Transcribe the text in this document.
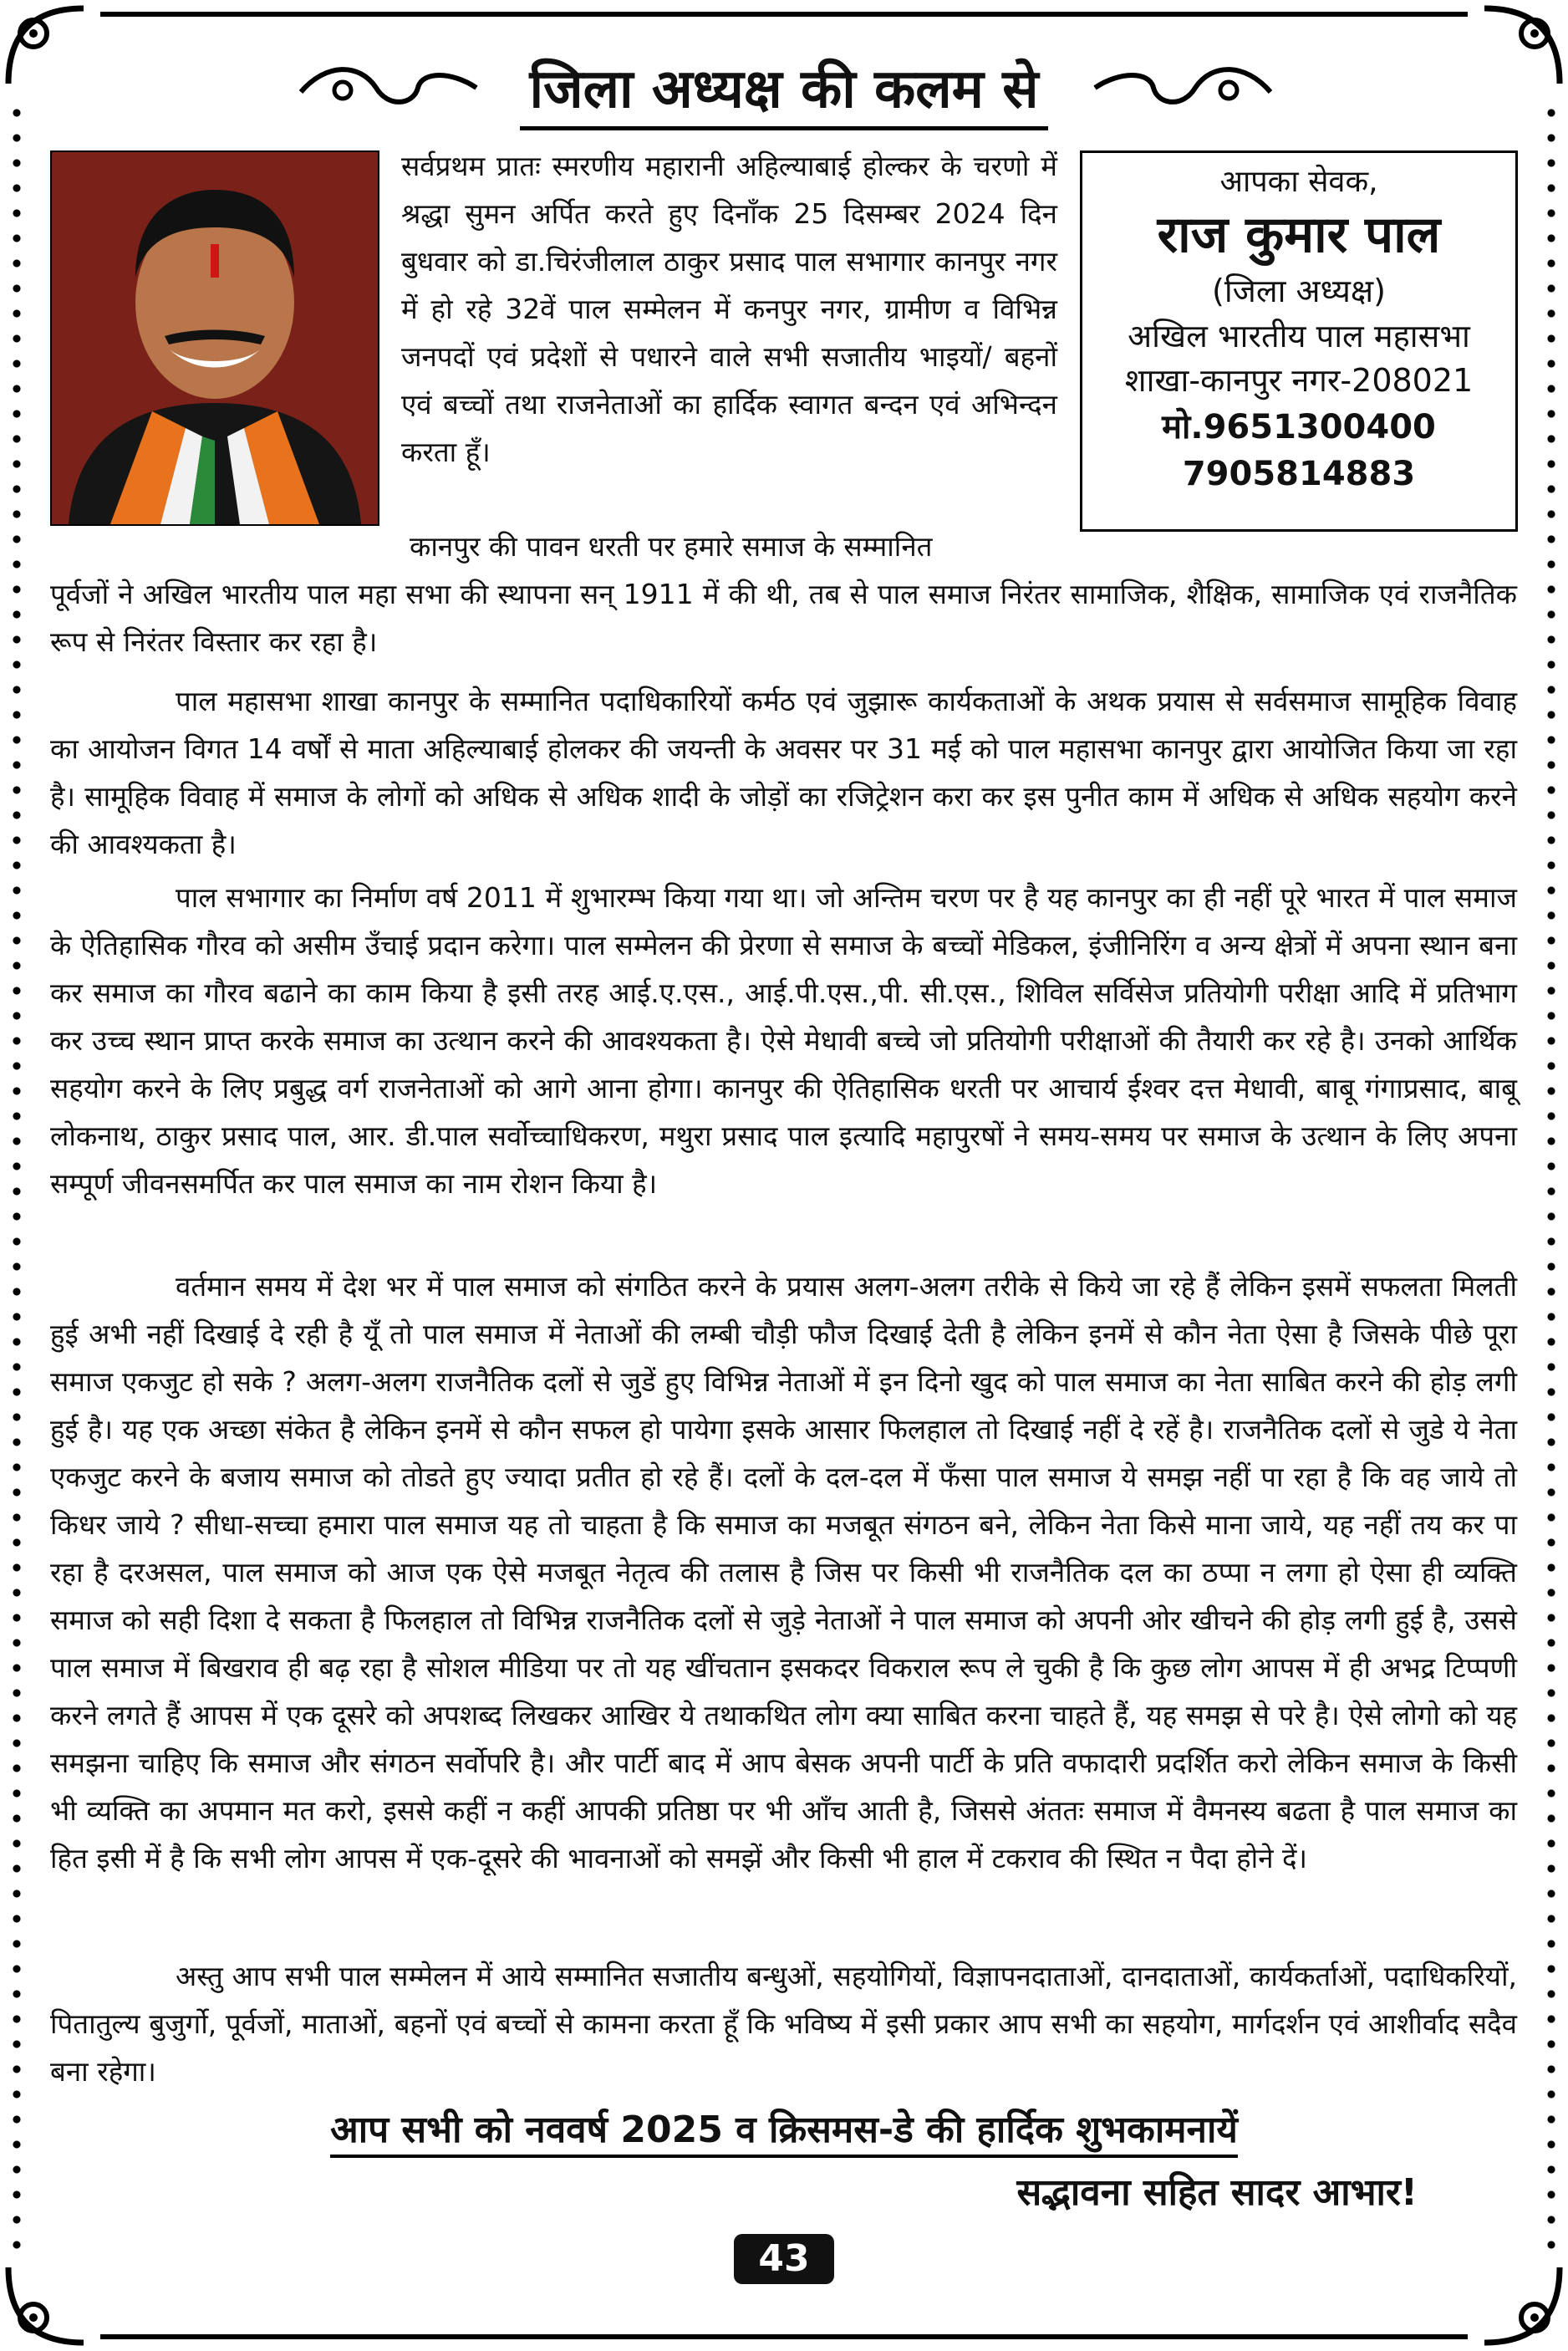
जिला अध्यक्ष की कलम से
सर्वप्रथम प्रातः स्मरणीय महारानी अहिल्याबाई होल्कर के चरणो में श्रद्धा सुमन अर्पित करते हुए दिनाँक 25 दिसम्बर 2024 दिन बुधवार को डा.चिरंजीलाल ठाकुर प्रसाद पाल सभागार कानपुर नगर में हो रहे 32वें पाल सम्मेलन में कनपुर नगर, ग्रामीण व विभिन्न जनपदों एवं प्रदेशों से पधारने वाले सभी सजातीय भाइयों/ बहनों एवं बच्चों तथा राजनेताओं का हार्दिक स्वागत बन्दन एवं अभिन्दन करता हूँ।
आपका सेवक,
राज कुमार पाल
(जिला अध्यक्ष)
अखिल भारतीय पाल महासभा
शाखा-कानपुर नगर-208021
मो.9651300400
7905814883
कानपुर की पावन धरती पर हमारे समाज के सम्मानित
पूर्वजों ने अखिल भारतीय पाल महा सभा की स्थापना सन् 1911 में की थी, तब से पाल समाज निरंतर सामाजिक, शैक्षिक, सामाजिक एवं राजनैतिक रूप से निरंतर विस्तार कर रहा है।
पाल महासभा शाखा कानपुर के सम्मानित पदाधिकारियों कर्मठ एवं जुझारू कार्यकताओं के अथक प्रयास से सर्वसमाज सामूहिक विवाह का आयोजन विगत 14 वर्षों से माता अहिल्याबाई होलकर की जयन्ती के अवसर पर 31 मई को पाल महासभा कानपुर द्वारा आयोजित किया जा रहा है। सामूहिक विवाह में समाज के लोगों को अधिक से अधिक शादी के जोड़ों का रजिट्रेशन करा कर इस पुनीत काम में अधिक से अधिक सहयोग करने की आवश्यकता है।
पाल सभागार का निर्माण वर्ष 2011 में शुभारम्भ किया गया था। जो अन्तिम चरण पर है यह कानपुर का ही नहीं पूरे भारत में पाल समाज के ऐतिहासिक गौरव को असीम उँचाई प्रदान करेगा। पाल सम्मेलन की प्रेरणा से समाज के बच्चों मेडिकल, इंजीनिरिंग व अन्य क्षेत्रों में अपना स्थान बना कर समाज का गौरव बढाने का काम किया है इसी तरह आई.ए.एस., आई.पी.एस.,पी. सी.एस., शिविल सर्विसेज प्रतियोगी परीक्षा आदि में प्रतिभाग कर उच्च स्थान प्राप्त करके समाज का उत्थान करने की आवश्यकता है। ऐसे मेधावी बच्चे जो प्रतियोगी परीक्षाओं की तैयारी कर रहे है। उनको आर्थिक सहयोग करने के लिए प्रबुद्ध वर्ग राजनेताओं को आगे आना होगा। कानपुर की ऐतिहासिक धरती पर आचार्य ईश्वर दत्त मेधावी, बाबू गंगाप्रसाद, बाबू लोकनाथ, ठाकुर प्रसाद पाल, आर. डी.पाल सर्वोच्चाधिकरण, मथुरा प्रसाद पाल इत्यादि महापुरषों ने समय-समय पर समाज के उत्थान के लिए अपना सम्पूर्ण जीवनसमर्पित कर पाल समाज का नाम रोशन किया है।
वर्तमान समय में देश भर में पाल समाज को संगठित करने के प्रयास अलग-अलग तरीके से किये जा रहे हैं लेकिन इसमें सफलता मिलती हुई अभी नहीं दिखाई दे रही है यूँ तो पाल समाज में नेताओं की लम्बी चौड़ी फौज दिखाई देती है लेकिन इनमें से कौन नेता ऐसा है जिसके पीछे पूरा समाज एकजुट हो सके ? अलग-अलग राजनैतिक दलों से जुडें हुए विभिन्न नेताओं में इन दिनो खुद को पाल समाज का नेता साबित करने की होड़ लगी हुई है। यह एक अच्छा संकेत है लेकिन इनमें से कौन सफल हो पायेगा इसके आसार फिलहाल तो दिखाई नहीं दे रहें है। राजनैतिक दलों से जुडे ये नेता एकजुट करने के बजाय समाज को तोडते हुए ज्यादा प्रतीत हो रहे हैं। दलों के दल-दल में फँसा पाल समाज ये समझ नहीं पा रहा है कि वह जाये तो किधर जाये ? सीधा-सच्चा हमारा पाल समाज यह तो चाहता है कि समाज का मजबूत संगठन बने, लेकिन नेता किसे माना जाये, यह नहीं तय कर पा रहा है दरअसल, पाल समाज को आज एक ऐसे मजबूत नेतृत्व की तलास है जिस पर किसी भी राजनैतिक दल का ठप्पा न लगा हो ऐसा ही व्यक्ति समाज को सही दिशा दे सकता है फिलहाल तो विभिन्न राजनैतिक दलों से जुड़े नेताओं ने पाल समाज को अपनी ओर खीचने की होड़ लगी हुई है, उससे पाल समाज में बिखराव ही बढ़ रहा है सोशल मीडिया पर तो यह खींचतान इसकदर विकराल रूप ले चुकी है कि कुछ लोग आपस में ही अभद्र टिप्पणी करने लगते हैं आपस में एक दूसरे को अपशब्द लिखकर आखिर ये तथाकथित लोग क्या साबित करना चाहते हैं, यह समझ से परे है। ऐसे लोगो को यह समझना चाहिए कि समाज और संगठन सर्वोपरि है। और पार्टी बाद में आप बेसक अपनी पार्टी के प्रति वफादारी प्रदर्शित करो लेकिन समाज के किसी भी व्यक्ति का अपमान मत करो, इससे कहीं न कहीं आपकी प्रतिष्ठा पर भी आँच आती है, जिससे अंततः समाज में वैमनस्य बढता है पाल समाज का हित इसी में है कि सभी लोग आपस में एक-दूसरे की भावनाओं को समझें और किसी भी हाल में टकराव की स्थित न पैदा होने दें।
अस्तु आप सभी पाल सम्मेलन में आये सम्मानित सजातीय बन्धुओं, सहयोगियों, विज्ञापनदाताओं, दानदाताओं, कार्यकर्ताओं, पदाधिकरियों, पितातुल्य बुजुर्गो, पूर्वजों, माताओं, बहनों एवं बच्चों से कामना करता हूँ कि भविष्य में इसी प्रकार आप सभी का सहयोग, मार्गदर्शन एवं आशीर्वाद सदैव बना रहेगा।
आप सभी को नववर्ष 2025 व क्रिसमस-डे की हार्दिक शुभकामनायें
सद्भावना सहित सादर आभार!
43
